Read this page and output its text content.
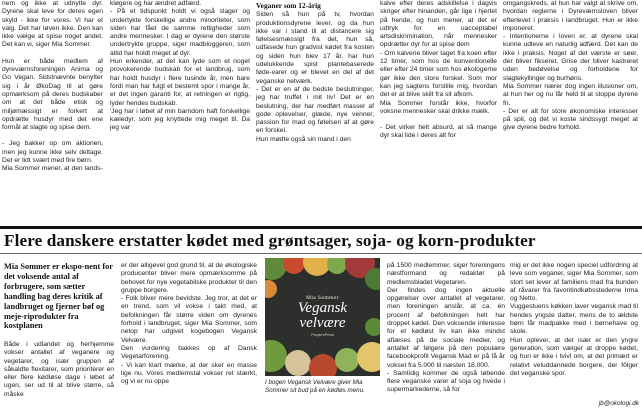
nem og ikke at udnytte dyr. Dyrene skal leve for deres egen skyld - ikke for vores. Vi har et valg. Det har løven ikke. Den kan ikke vælge at spise noget andet. Det kan vi, siger Mia Sommer.

Hun er både medlem af dyreværnsforeningen Anima og Go Vegan. Sidstnævnte benytter sig i år ØkoDag til at gøre opmærksom på deres budskaber om at det både etisk og miljømæssigt er forkert at opdrætte husdyr med det ene formål at slagte og spise dem.

- Jeg bakker op om aktionen, men jeg kunne ikke selv deltage. Det er lidt svært med fire børn.

Mia Sommer mener, at den lands-

kløgere og har ændret adfærd.

- På et tidspunkt holdt vi også slager og undertykte forskellige andre minoriteter, som siden har fået de samme rettigheder som andre mennesker. I dag er dyrene den største undertrykte gruppe, siger madbloggeren, som altid har holdt meget af dyr.

Hun erkender, at det kan lyde som et noget provokerende budskab for et landbrug, som har holdt husdyr i flere tusinde år, men bare fordi man har fulgt et bestemt spor i mange år, er det ingen garanti for, at retningen er rigtig, lyder hendes budskab.

'Jeg har i løbet af min barndom haft forskellige kæledyr, som jeg knyttede mig meget til. Da jeg var

Veganer som 12-årig

Siden så hun på tv, hvordan produktionsdyrene lever, og da hun ikke var i stand til at distancere sig følelsesmæssigt fra det, hun så, udfasede hun gradvist kødet fra kosten og siden hun blev 17 år, har hun udelukkende spist plantebaserede føde-varer og er blevet en del af det veganske netværk.

- Det er en af de bedste beslutninger, jeg har truffet i mit liv! Det er en beslutning, der har medført masser af gode oplevelser, glæde, nye venner, passion for mad og følelsen af at gøre en forskel.

Hun mødte også sin mand i den

kalve efter deres adskillelse i dagvis skriger efter hinanden, går lige i hjertet på hende, og hun mener, at det er udtryk for en uacceptabel artsdiskrimination, når mennesker opdrætter dyr for at spise dem

- Om kalvene bliver taget fra koen efter 12 timer, som hos de konventionelle eller efter 24 timer som hos økologerne gør ikke den store forskel. Som mor kan jeg sagtens forstille mig, hvordan det er at blive skilt fra sit afkom.

Mia Sommer forstår ikke, hvorfor voksne mennesker skal drikke mælk.

- Det virker helt absurd, at så mange dyr skal lide i deres alt for

omgangskreds, at hun har valgt at skrive om, hvordan reglerne i Dyreværnsloven bliver efterlevet i praksis i landbruget. Hun er ikke imponeret.

- Intentionerne i loven er, at dyrene skal kunne udleve en naturlig adfærd. Det kan de ikke i praksis. Noget af det værste er søer, der bliver fikseret. Grise der bliver kastreret uden bedøvelse og forholdene for slagtekyllinger og burhøns.

Mia Sommer nærer dog ingen illusioner om, at hun her og nu får held til at stoppe dyrene fri.

- Der er alt for store økonomiske interesser på spil, og det vi koste sindssygt meget at give dyrene bedre forhold.

Flere danskere erstatter kødet med grøntsager, soja- og korn-produkter
Mia Sommer er ekspo-nent for det voksende antal af forbrugere, som sætter handling bag deres kritik af landbruget og fjerner bøf og meje-riprodukter fra kostplanen

Både i udlandet og herhjemme vokser antallet af veganere og vegetarer, og især gruppen af såkaldte flexitarer, som prioriterer en eller flere kødløse dage i løbet af ugen, ser ud til at blive større, så måske

er der alligevel god grund til, at de økologiske producenter bliver mere opmærksomme på behovet for nye vegetabilske produkter til den gruppe borgere.

- Folk bliver mere bevidste. Jeg tror, at det er en trend, som vil vokse i takt med, at befolkningen får større viden om dyrenes forhold i landbruget, siger Mia Sommer, som netop har udgivet kogebogen Vegansk Velvære.

Den vurdering bakkes op af Dansk Vegetarforening.

- Vi kan klart mærke, at der sker en masse lige nu. Vores medlemstal vokser ret stærkt, og vi er nu oppe

Mia Sommer
Vegansk
velvære
People'sPress
I bogen Vegansk Velvære giver Mia Sommer sit bud på en kødløs menu.

på 1500 medlemmer, siger foreningens næstformand og redaktør på medlemsbladet Vegetaren.

Der findes dog ingen aktuelle opgørelser over antallet af vegetarer, men foreningen anslår, at ca. én procent af befolkningen helt har droppet kødet. Den voksende interesse for et kødløst liv kan ikke mindst aflæses på de sociale medier, og antallet af følgere på den populære facebookprofil Vegansk Mad er på få år vokset fra 5.000 til næsten 18.000.

- Samtidig kommer de også løbende flere veganske varer af soja og hvede i supermarkederne, så for

mig er det ikke nogen speciel udfordring at leve som veganer, siger Mia Sommer, som stort set lever af familiens mad fra bunden af råvarer fra favoritindkøbsstederne Irma og Netto.

Vuggestuens køkken laver vegansk mad til hendes yngste datter, mens de to ældste børn får madpakke med i børnehave og skole.

Hun oplever, at det især er den yngre generation, som vælger at droppe kødet, og hun er ikke i tvivl om, at det primært er relativt veluddannede borgere, der fölger det veganske spor.

jb@okologi.dk
